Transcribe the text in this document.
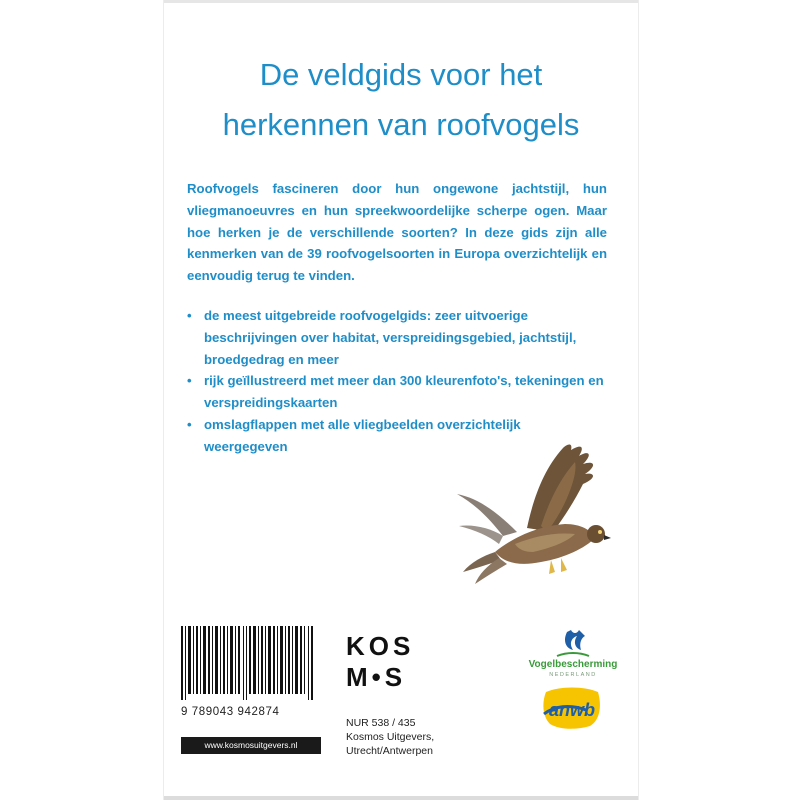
De veldgids voor het
herkennen van roofvogels

Roofvogels fascineren door hun ongewone jachtstijl, hun vliegmanoeuvres en hun spreekwoordelijke scherpe ogen. Maar hoe herken je de verschillende soorten? In deze gids zijn alle kenmerken van de 39 roofvogelsoorten in Europa overzichtelijk en eenvoudig terug te vinden.

• de meest uitgebreide roofvogelgids: zeer uitvoerige beschrijvingen over habitat, verspreidingsgebied, jachtstijl, broedgedrag en meer
• rijk geïllustreerd met meer dan 300 kleurenfoto's, tekeningen en verspreidingskaarten
• omslagflappen met alle vliegbeelden overzichtelijk weergegeven
9 789043 942874
www.kosmosuitgevers.nl
KOS
M•S
NUR 538 / 435
Kosmos Uitgevers,
Utrecht/Antwerpen
Vogelbescherming
NEDERLAND
anwb
